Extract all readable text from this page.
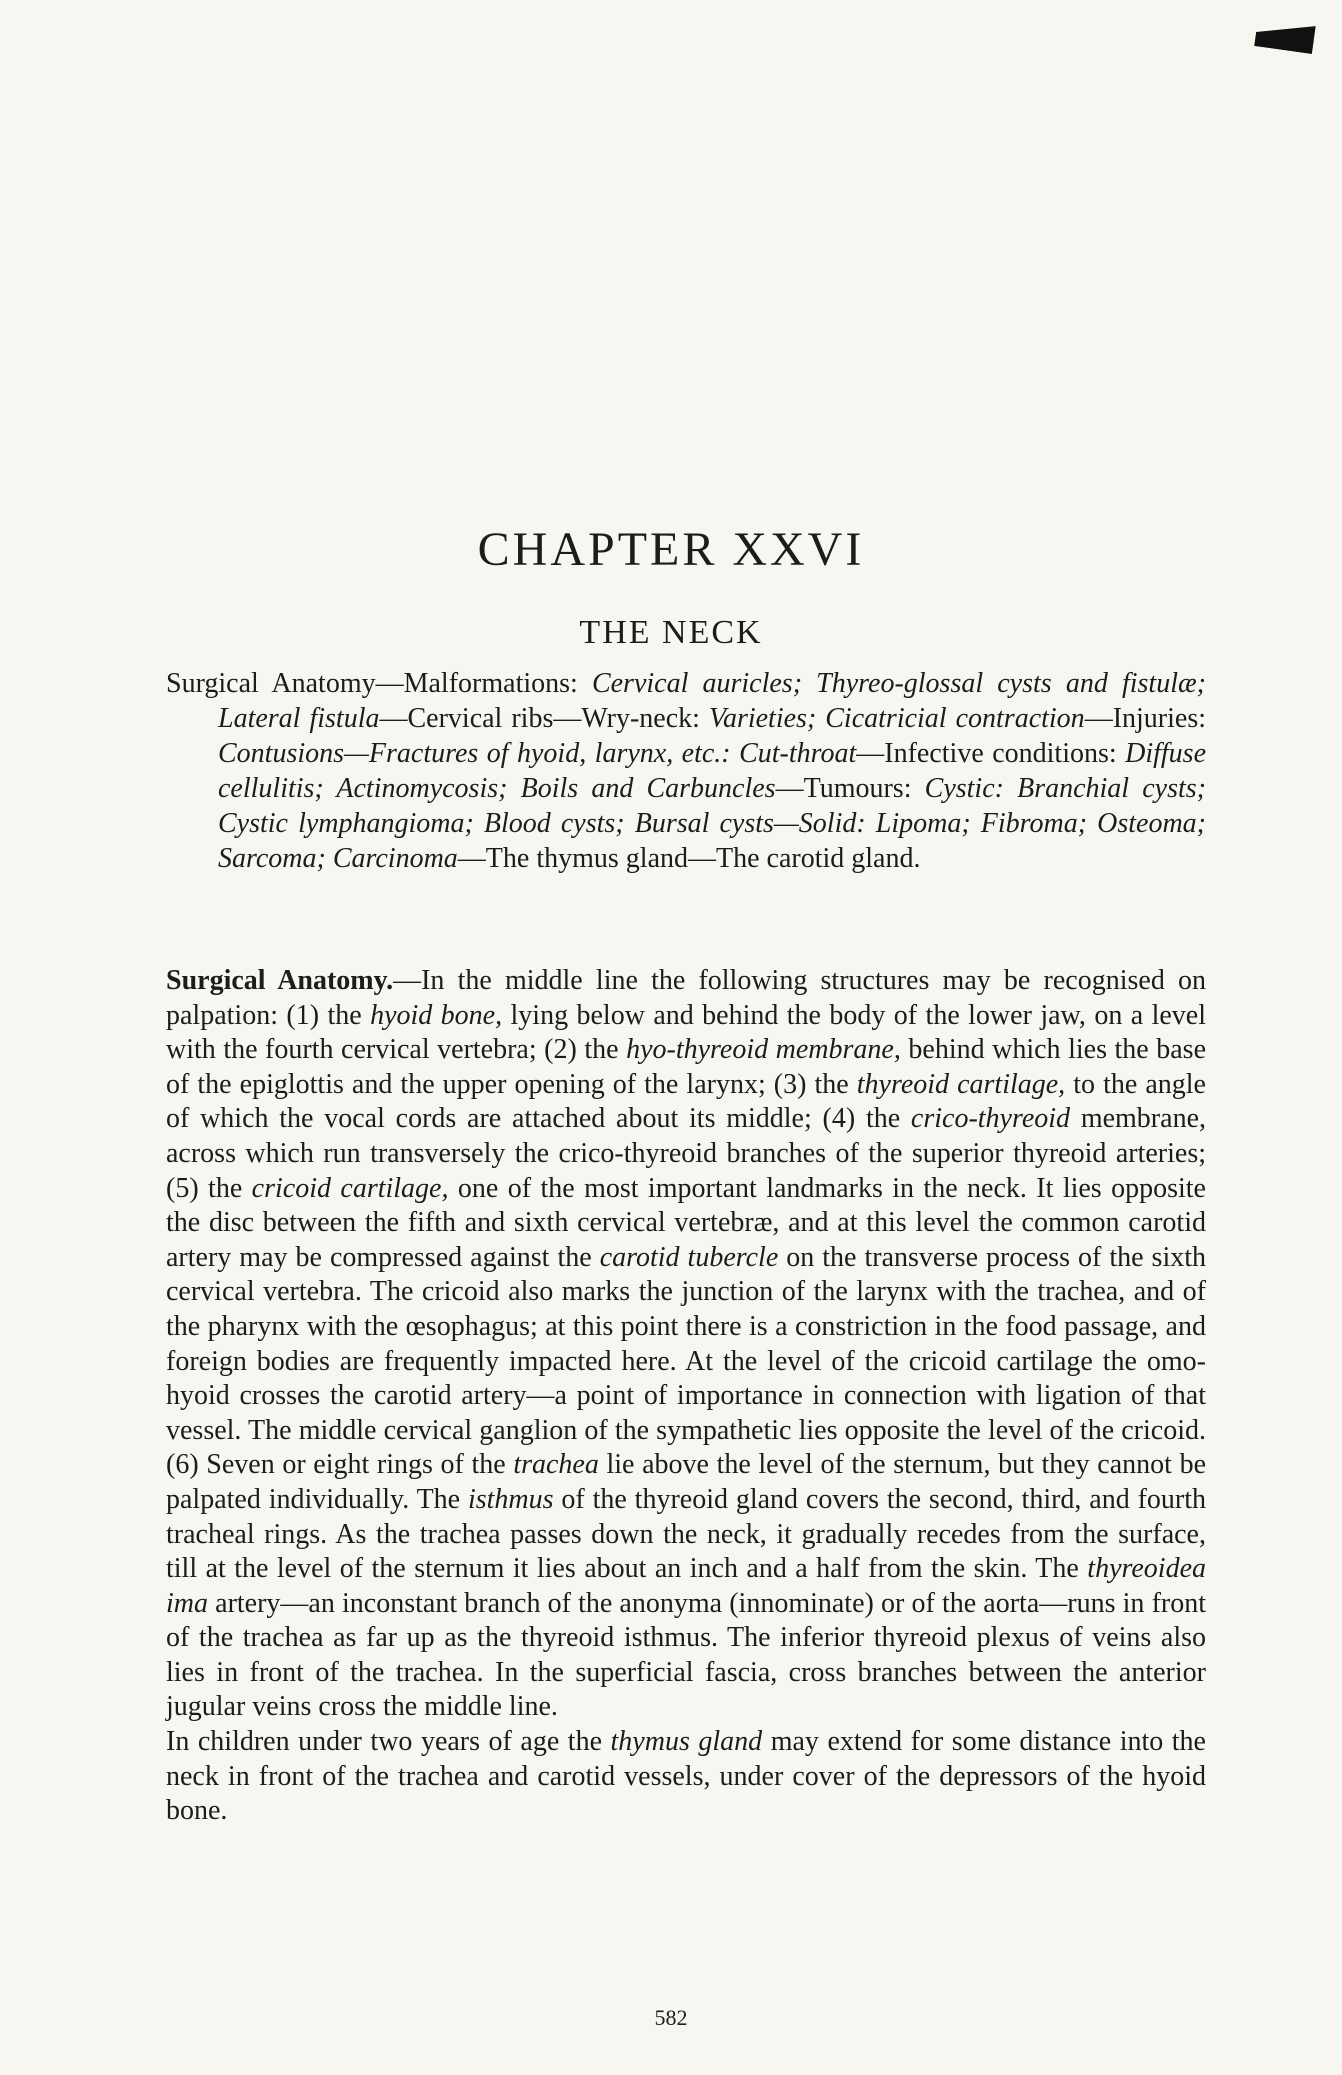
CHAPTER XXVI
THE NECK
Surgical Anatomy—Malformations: Cervical auricles; Thyreo-glossal cysts and fistulæ; Lateral fistula—Cervical ribs—Wry-neck: Varieties; Cicatricial contraction—Injuries: Contusions—Fractures of hyoid, larynx, etc.: Cut-throat—Infective conditions: Diffuse cellulitis; Actinomycosis; Boils and Carbuncles—Tumours: Cystic: Branchial cysts; Cystic lymphangioma; Blood cysts; Bursal cysts—Solid: Lipoma; Fibroma; Osteoma; Sarcoma; Carcinoma—The thymus gland—The carotid gland.

Surgical Anatomy.—In the middle line the following structures may be recognised on palpation: (1) the hyoid bone, lying below and behind the body of the lower jaw, on a level with the fourth cervical vertebra; (2) the hyo-thyreoid membrane, behind which lies the base of the epiglottis and the upper opening of the larynx; (3) the thyreoid cartilage, to the angle of which the vocal cords are attached about its middle; (4) the crico-thyreoid membrane, across which run transversely the crico-thyreoid branches of the superior thyreoid arteries; (5) the cricoid cartilage, one of the most important landmarks in the neck. It lies opposite the disc between the fifth and sixth cervical vertebræ, and at this level the common carotid artery may be compressed against the carotid tubercle on the transverse process of the sixth cervical vertebra. The cricoid also marks the junction of the larynx with the trachea, and of the pharynx with the œsophagus; at this point there is a constriction in the food passage, and foreign bodies are frequently impacted here. At the level of the cricoid cartilage the omo-hyoid crosses the carotid artery—a point of importance in connection with ligation of that vessel. The middle cervical ganglion of the sympathetic lies opposite the level of the cricoid. (6) Seven or eight rings of the trachea lie above the level of the sternum, but they cannot be palpated individually. The isthmus of the thyreoid gland covers the second, third, and fourth tracheal rings. As the trachea passes down the neck, it gradually recedes from the surface, till at the level of the sternum it lies about an inch and a half from the skin. The thyreoidea ima artery—an inconstant branch of the anonyma (innominate) or of the aorta—runs in front of the trachea as far up as the thyreoid isthmus. The inferior thyreoid plexus of veins also lies in front of the trachea. In the superficial fascia, cross branches between the anterior jugular veins cross the middle line.

In children under two years of age the thymus gland may extend for some distance into the neck in front of the trachea and carotid vessels, under cover of the depressors of the hyoid bone.

582
